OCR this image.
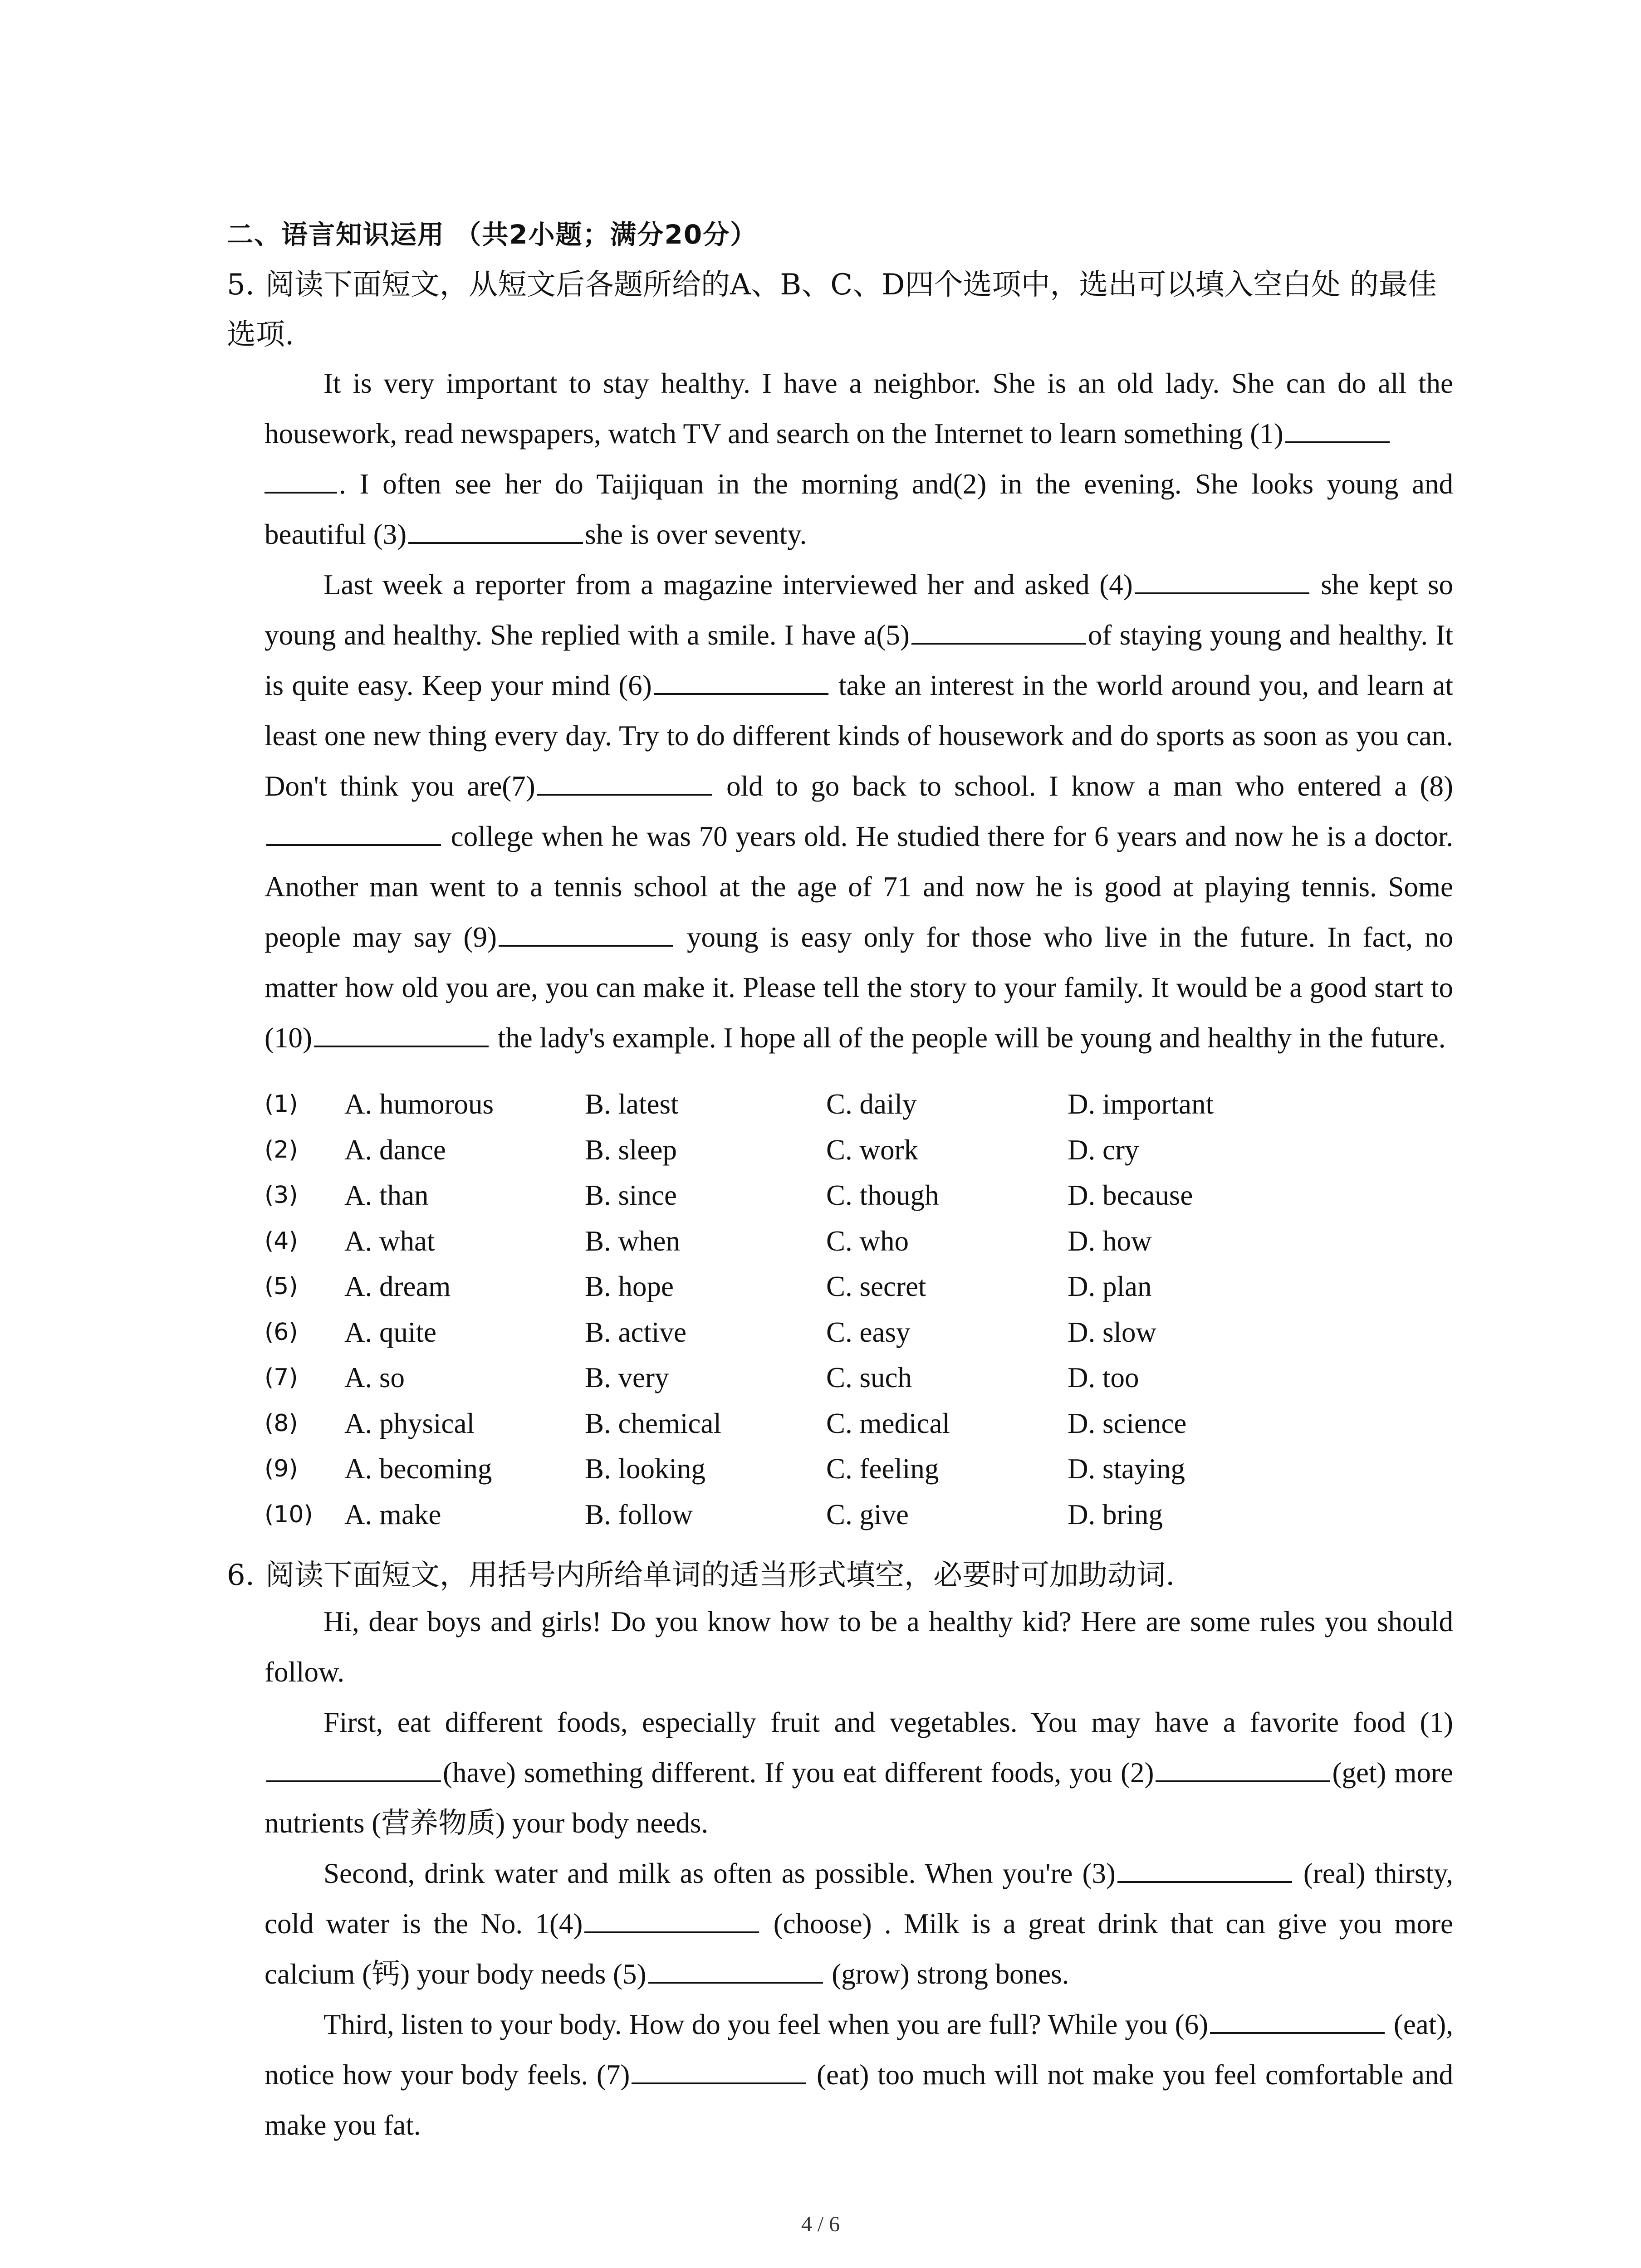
二、语言知识运用 （共2小题；满分20分）
5. 阅读下面短文，从短文后各题所给的A、B、C、D四个选项中，选出可以填入空白处 的最佳选项.

It is very important to stay healthy. I have a neighbor. She is an old lady. She can do all the housework, read newspapers, watch TV and search on the Internet to learn something (1)
. I often see her do Taijiquan in the morning and(2) in the evening. She looks young and beautiful (3)	she is over seventy.

Last week a reporter from a magazine interviewed her and asked (4)	she kept so young and healthy. She replied with a smile. I have a(5)	of staying young and healthy. It is quite easy. Keep your mind (6)	take an interest in the world around you, and learn at least one new thing every day. Try to do different kinds of housework and do sports as soon as you can. Don't think you are(7)	old to go back to school. I know a man who entered a (8) college when he was 70 years old. He studied there for 6 years and now he is a doctor. Another man went to a tennis school at the age of 71 and now he is good at playing tennis. Some people may say (9)	young is easy only for those who live in the future. In fact, no matter how old you are, you can make it. Please tell the story to your family. It would be a good start to (10)	the lady's example. I hope all of the people will be young and healthy in the future.

(1) A. humorous	B. latest	C. daily	D. important
(2) A. dance	B. sleep	C. work	D. cry
(3) A. than	B. since	C. though	D. because
(4) A. what	B. when	C. who	D. how
(5) A. dream	B. hope	C. secret	D. plan
(6) A. quite	B. active	C. easy	D. slow
(7) A. so	B. very	C. such	D. too
(8) A. physical	B. chemical	C. medical	D. science
(9) A. becoming	B. looking	C. feeling	D. staying
(10) A. make	B. follow	C. give	D. bring
6. 阅读下面短文，用括号内所给单词的适当形式填空，必要时可加助动词.

Hi, dear boys and girls! Do you know how to be a healthy kid? Here are some rules you should follow.

First, eat different foods, especially fruit and vegetables. You may have a favorite food (1)(have) something different. If you eat different foods, you (2)	(get) more nutrients (营养物质) your body needs.

Second, drink water and milk as often as possible. When you're (3)	(real) thirsty, cold water is the No. 1(4)	(choose) . Milk is a great drink that can give you more calcium (钙) your body needs (5)	(grow) strong bones.

Third, listen to your body. How do you feel when you are full? While you (6)	(eat), notice how your body feels. (7)	(eat) too much will not make you feel comfortable and make you fat.

4 / 6
